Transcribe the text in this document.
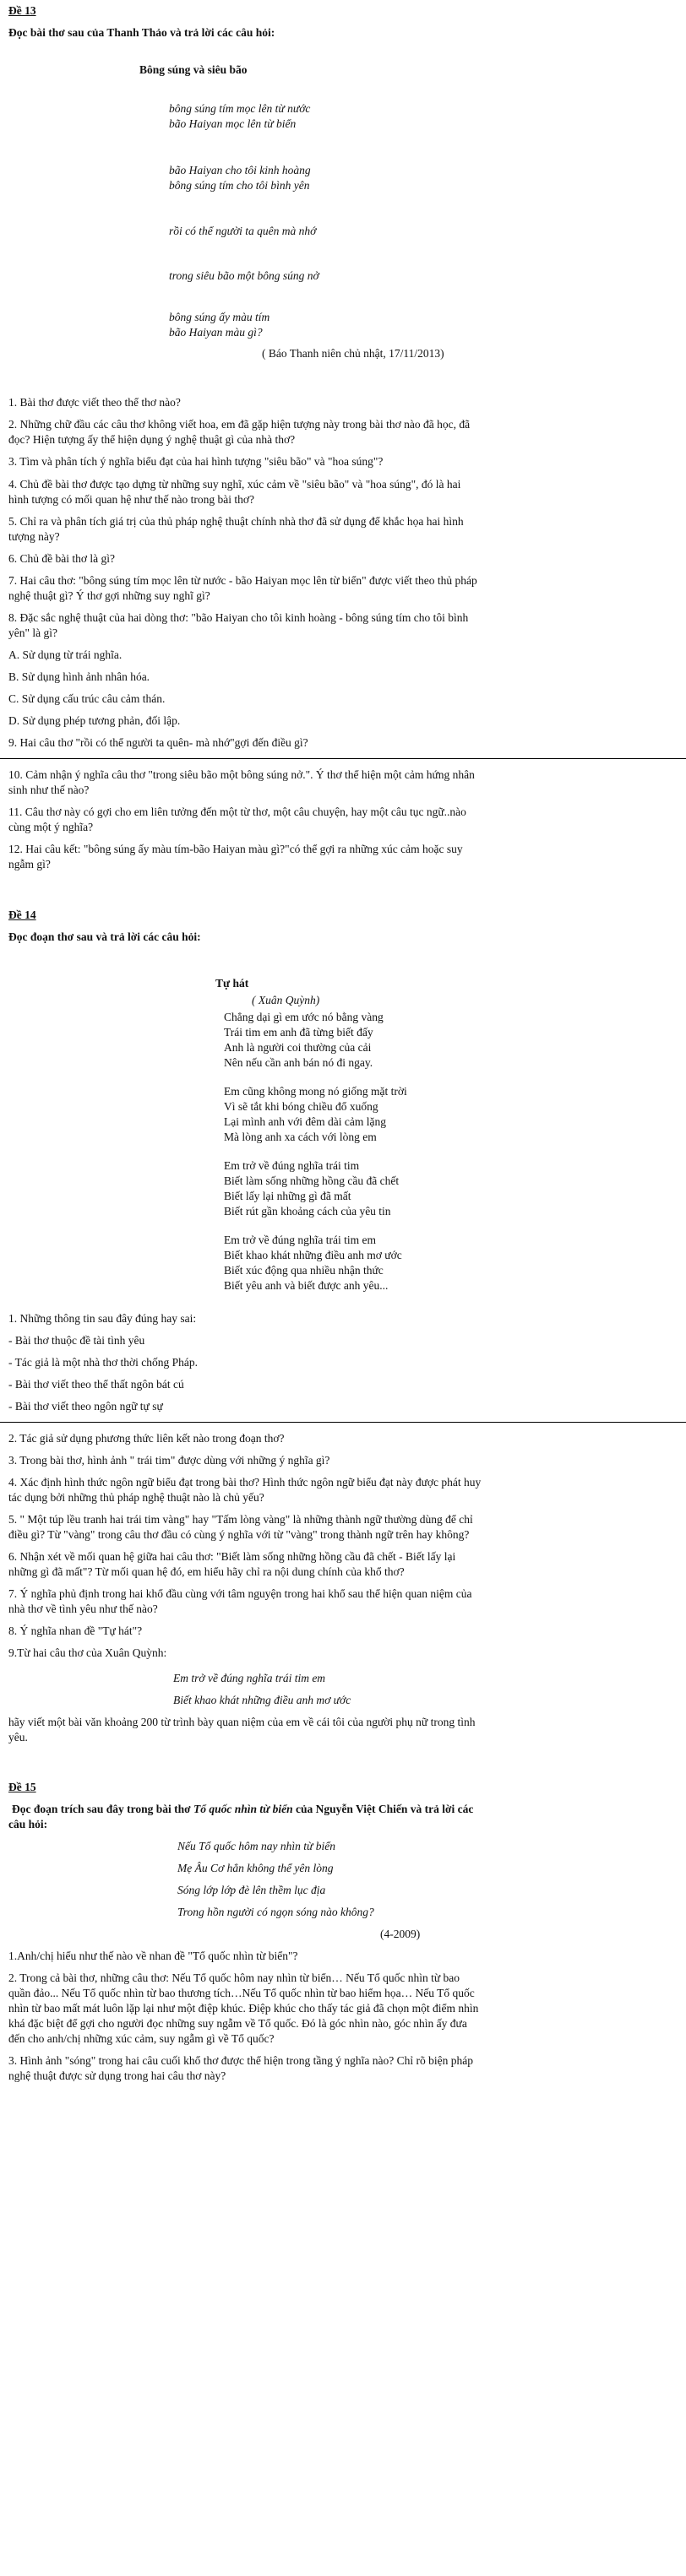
Đề 13
Đọc bài thơ sau của Thanh Thảo và trả lời các câu hỏi:
Bông súng và siêu bão
bông súng tím mọc lên từ nước
bão Haiyan mọc lên từ biển
bão Haiyan cho tôi kinh hoàng
bông súng tím cho tôi bình yên
rồi có thể người ta quên mà nhớ
trong siêu bão một bông súng nở
bông súng ấy màu tím
bão Haiyan màu gì?
( Báo Thanh niên chủ nhật, 17/11/2013)
1. Bài thơ được viết theo thể thơ nào?
2. Những chữ đầu các câu thơ không viết hoa, em đã gặp hiện tượng này trong bài thơ nào đã học, đã
đọc? Hiện tượng ấy thể hiện dụng ý nghệ thuật gì của nhà thơ?
3. Tìm và phân tích ý nghĩa biểu đạt của hai hình tượng "siêu bão" và "hoa súng"?
4. Chủ đề bài thơ được tạo dựng từ những suy nghĩ, xúc cảm về "siêu bão" và "hoa súng", đó là hai
hình tượng có mối quan hệ như thế nào trong bài thơ?
5. Chỉ ra và phân tích giá trị của thủ pháp nghệ thuật chính nhà thơ đã sử dụng để khắc họa hai hình
tượng này?
6. Chủ đề bài thơ là gì?
7. Hai câu thơ: "bông súng tím mọc lên từ nước - bão Haiyan mọc lên từ biển" được viết theo thủ pháp
nghệ thuật gì? Ý thơ gợi những suy nghĩ gì?
8. Đặc sắc nghệ thuật của hai dòng thơ: "bão Haiyan cho tôi kinh hoàng - bông súng tím cho tôi bình
yên" là gì?
A. Sử dụng từ trái nghĩa.
B. Sử dụng hình ảnh nhân hóa.
C. Sử dụng cấu trúc câu cảm thán.
D. Sử dụng phép tương phản, đối lập.
9. Hai câu thơ "rồi có thể người ta quên- mà nhớ"gợi đến điều gì?
10. Cảm nhận ý nghĩa câu thơ "trong siêu bão một bông súng nở.". Ý thơ thể hiện một cảm hứng nhân
sinh như thế nào?
11. Câu thơ này có gợi cho em liên tưởng đến một từ thơ, một câu chuyện, hay một câu tục ngữ..nào
cùng một ý nghĩa?
12. Hai câu kết: "bông súng ấy màu tím-bão Haiyan màu gì?"có thể gợi ra những xúc cảm hoặc suy
ngẫm gì?
Đề 14
Đọc đoạn thơ sau và trả lời các câu hỏi:
Tự hát
( Xuân Quỳnh)
Chẳng dại gì em ước nó bằng vàng
Trái tim em anh đã từng biết đấy
Anh là người coi thường của cải
Nên nếu cần anh bán nó đi ngay.
Em cũng không mong nó giống mặt trời
Vì sẽ tắt khi bóng chiều đổ xuống
Lại mình anh với đêm dài cảm lặng
Mà lòng anh xa cách với lòng em
Em trở về đúng nghĩa trái tim
Biết làm sống những hồng cầu đã chết
Biết lấy lại những gì đã mất
Biết rút gần khoảng cách của yêu tin
Em trở về đúng nghĩa trái tim em
Biết khao khát những điều anh mơ ước
Biết xúc động qua nhiều nhận thức
Biết yêu anh và biết được anh yêu...
1. Những thông tin sau đây đúng hay sai:
- Bài thơ thuộc đề tài tình yêu
- Tác giả là một nhà thơ thời chống Pháp.
- Bài thơ viết theo thể thất ngôn bát cú
- Bài thơ viết theo ngôn ngữ tự sự
2. Tác giả sử dụng phương thức liên kết nào trong đoạn thơ?
3. Trong bài thơ, hình ảnh " trái tim" được dùng với những ý nghĩa gì?
4. Xác định hình thức ngôn ngữ biểu đạt trong bài thơ? Hình thức ngôn ngữ biểu đạt này được phát huy
tác dụng bởi những thủ pháp nghệ thuật nào là chủ yếu?
5. " Một túp lều tranh hai trái tim vàng" hay "Tấm lòng vàng" là những thành ngữ thường dùng để chỉ
điều gì? Từ "vàng" trong câu thơ đầu có cùng ý nghĩa với từ "vàng" trong thành ngữ trên hay không?
6. Nhận xét về mối quan hệ giữa hai câu thơ: "Biết làm sống những hồng cầu đã chết - Biết lấy lại
những gì đã mất"? Từ mối quan hệ đó, em hiểu hãy chỉ ra nội dung chính của khổ thơ?
7. Ý nghĩa phủ định trong hai khổ đầu cùng với tâm nguyện trong hai khổ sau thể hiện quan niệm của
nhà thơ về tình yêu như thế nào?
8. Ý nghĩa nhan đề "Tự hát"?
9.Từ hai câu thơ của Xuân Quỳnh:
Em trở về đúng nghĩa trái tim em
Biết khao khát những điều anh mơ ước
hãy viết một bài văn khoảng 200 từ trình bày quan niệm của em về cái tôi của người phụ nữ trong tình
yêu.
Đề 15
Đọc đoạn trích sau đây trong bài thơ Tổ quốc nhìn từ biển của Nguyễn Việt Chiến và trả lời các
câu hỏi:
Nếu Tổ quốc hôm nay nhìn từ biển
Mẹ Âu Cơ hẳn không thể yên lòng
Sóng lớp lớp đè lên thềm lục địa
Trong hồn người có ngọn sóng nào không?
(4-2009)
1.Anh/chị hiểu như thế nào về nhan đề "Tổ quốc nhìn từ biển"?
2. Trong cả bài thơ, những câu thơ: Nếu Tổ quốc hôm nay nhìn từ biển… Nếu Tổ quốc nhìn từ bao
quần đảo... Nếu Tổ quốc nhìn từ bao thương tích…Nếu Tổ quốc nhìn từ bao hiểm họa… Nếu Tổ quốc
nhìn từ bao mất mát luôn lặp lại như một điệp khúc. Điệp khúc cho thấy tác giả đã chọn một điểm nhìn
khá đặc biệt để gợi cho người đọc những suy ngẫm về Tổ quốc. Đó là góc nhìn nào, góc nhìn ấy đưa
đến cho anh/chị những xúc cảm, suy ngẫm gì về Tổ quốc?
3. Hình ảnh "sóng" trong hai câu cuối khổ thơ được thể hiện trong tầng ý nghĩa nào? Chỉ rõ biện pháp
nghệ thuật được sử dụng trong hai câu thơ này?
